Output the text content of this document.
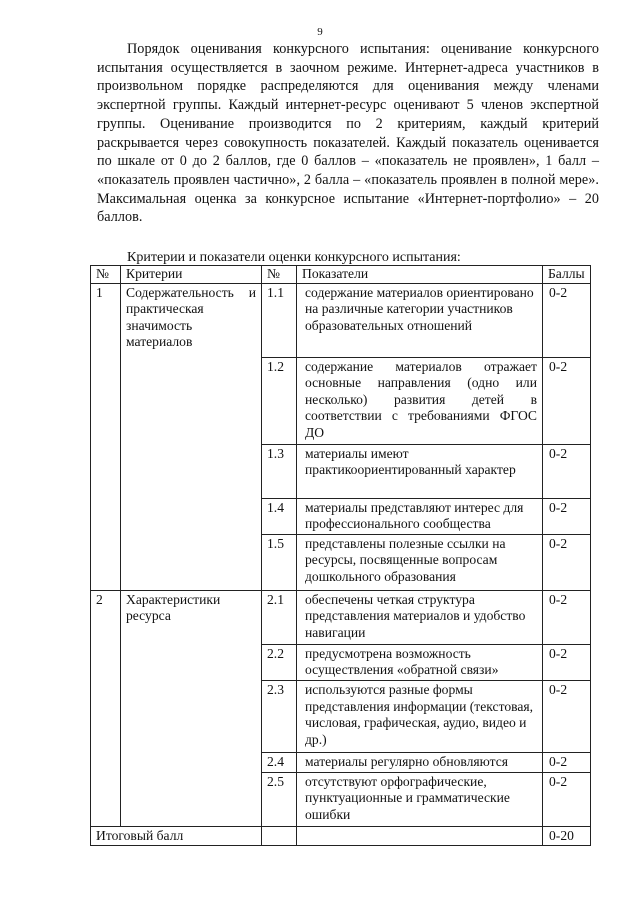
9
Порядок оценивания конкурсного испытания: оценивание конкурсного испытания осуществляется в заочном режиме. Интернет-адреса участников в произвольном порядке распределяются для оценивания между членами экспертной группы. Каждый интернет-ресурс оценивают 5 членов экспертной группы. Оценивание производится по 2 критериям, каждый критерий раскрывается через совокупность показателей. Каждый показатель оценивается по шкале от 0 до 2 баллов, где 0 баллов – «показатель не проявлен», 1 балл – «показатель проявлен частично», 2 балла – «показатель проявлен в полной мере». Максимальная оценка за конкурсное испытание «Интернет-портфолио» – 20 баллов.
Критерии и показатели оценки конкурсного испытания:
№	Критерии	№	Показатели	Баллы
1	Содержательность и практическая значимость материалов	1.1	содержание материалов ориентировано на различные категории участников образовательных отношений	0-2
		1.2	содержание материалов отражает основные направления (одно или несколько) развития детей в соответствии с требованиями ФГОС ДО	0-2
		1.3	материалы имеют практикоориентированный характер	0-2
		1.4	материалы представляют интерес для профессионального сообщества	0-2
		1.5	представлены полезные ссылки на ресурсы, посвященные вопросам дошкольного образования	0-2
2	Характеристики ресурса	2.1	обеспечены четкая структура представления материалов и удобство навигации	0-2
		2.2	предусмотрена возможность осуществления «обратной связи»	0-2
		2.3	используются разные формы представления информации (текстовая, числовая, графическая, аудио, видео и др.)	0-2
		2.4	материалы регулярно обновляются	0-2
		2.5	отсутствуют орфографические, пунктуационные и грамматические ошибки	0-2
Итоговый балл				0-20
